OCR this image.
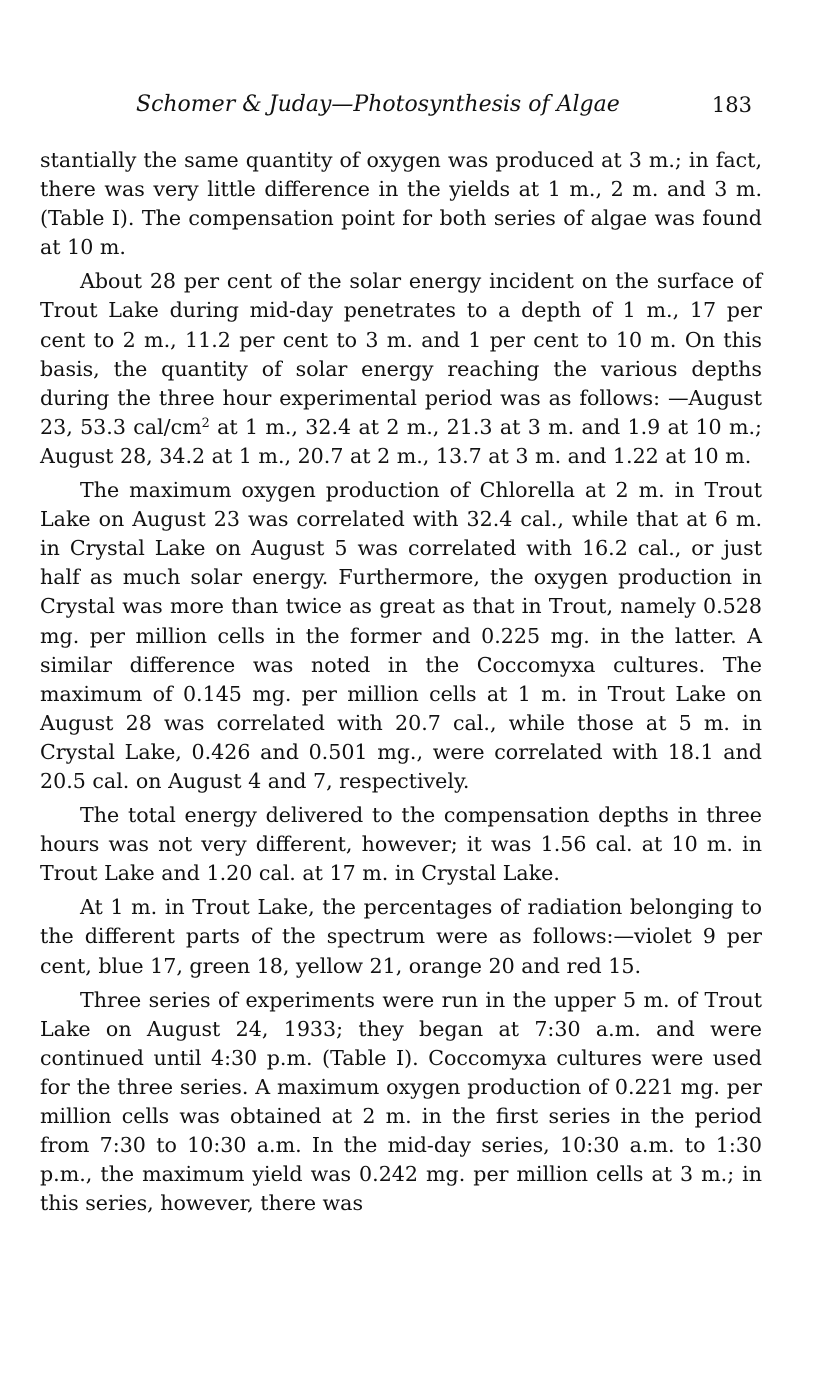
Schomer & Juday—Photosynthesis of Algae	183

stantially the same quantity of oxygen was produced at 3 m.; in fact, there was very little difference in the yields at 1 m., 2 m. and 3 m. (Table I). The compensation point for both series of algae was found at 10 m.

About 28 per cent of the solar energy incident on the surface of Trout Lake during mid-day penetrates to a depth of 1 m., 17 per cent to 2 m., 11.2 per cent to 3 m. and 1 per cent to 10 m. On this basis, the quantity of solar energy reaching the various depths during the three hour experimental period was as follows: —August 23, 53.3 cal/$cm^2$ at 1 m., 32.4 at 2 m., 21.3 at 3 m. and 1.9 at 10 m.; August 28, 34.2 at 1 m., 20.7 at 2 m., 13.7 at 3 m. and 1.22 at 10 m.

The maximum oxygen production of Chlorella at 2 m. in Trout Lake on August 23 was correlated with 32.4 cal., while that at 6 m. in Crystal Lake on August 5 was correlated with 16.2 cal., or just half as much solar energy. Furthermore, the oxygen production in Crystal was more than twice as great as that in Trout, namely 0.528 mg. per million cells in the former and 0.225 mg. in the latter. A similar difference was noted in the Coccomyxa cultures. The maximum of 0.145 mg. per million cells at 1 m. in Trout Lake on August 28 was correlated with 20.7 cal., while those at 5 m. in Crystal Lake, 0.426 and 0.501 mg., were correlated with 18.1 and 20.5 cal. on August 4 and 7, respectively.

The total energy delivered to the compensation depths in three hours was not very different, however; it was 1.56 cal. at 10 m. in Trout Lake and 1.20 cal. at 17 m. in Crystal Lake.

At 1 m. in Trout Lake, the percentages of radiation belonging to the different parts of the spectrum were as follows:—violet 9 per cent, blue 17, green 18, yellow 21, orange 20 and red 15.

Three series of experiments were run in the upper 5 m. of Trout Lake on August 24, 1933; they began at 7:30 a.m. and were continued until 4:30 p.m. (Table I). Coccomyxa cultures were used for the three series. A maximum oxygen production of 0.221 mg. per million cells was obtained at 2 m. in the first series in the period from 7:30 to 10:30 a.m. In the mid-day series, 10:30 a.m. to 1:30 p.m., the maximum yield was 0.242 mg. per million cells at 3 m.; in this series, however, there was
